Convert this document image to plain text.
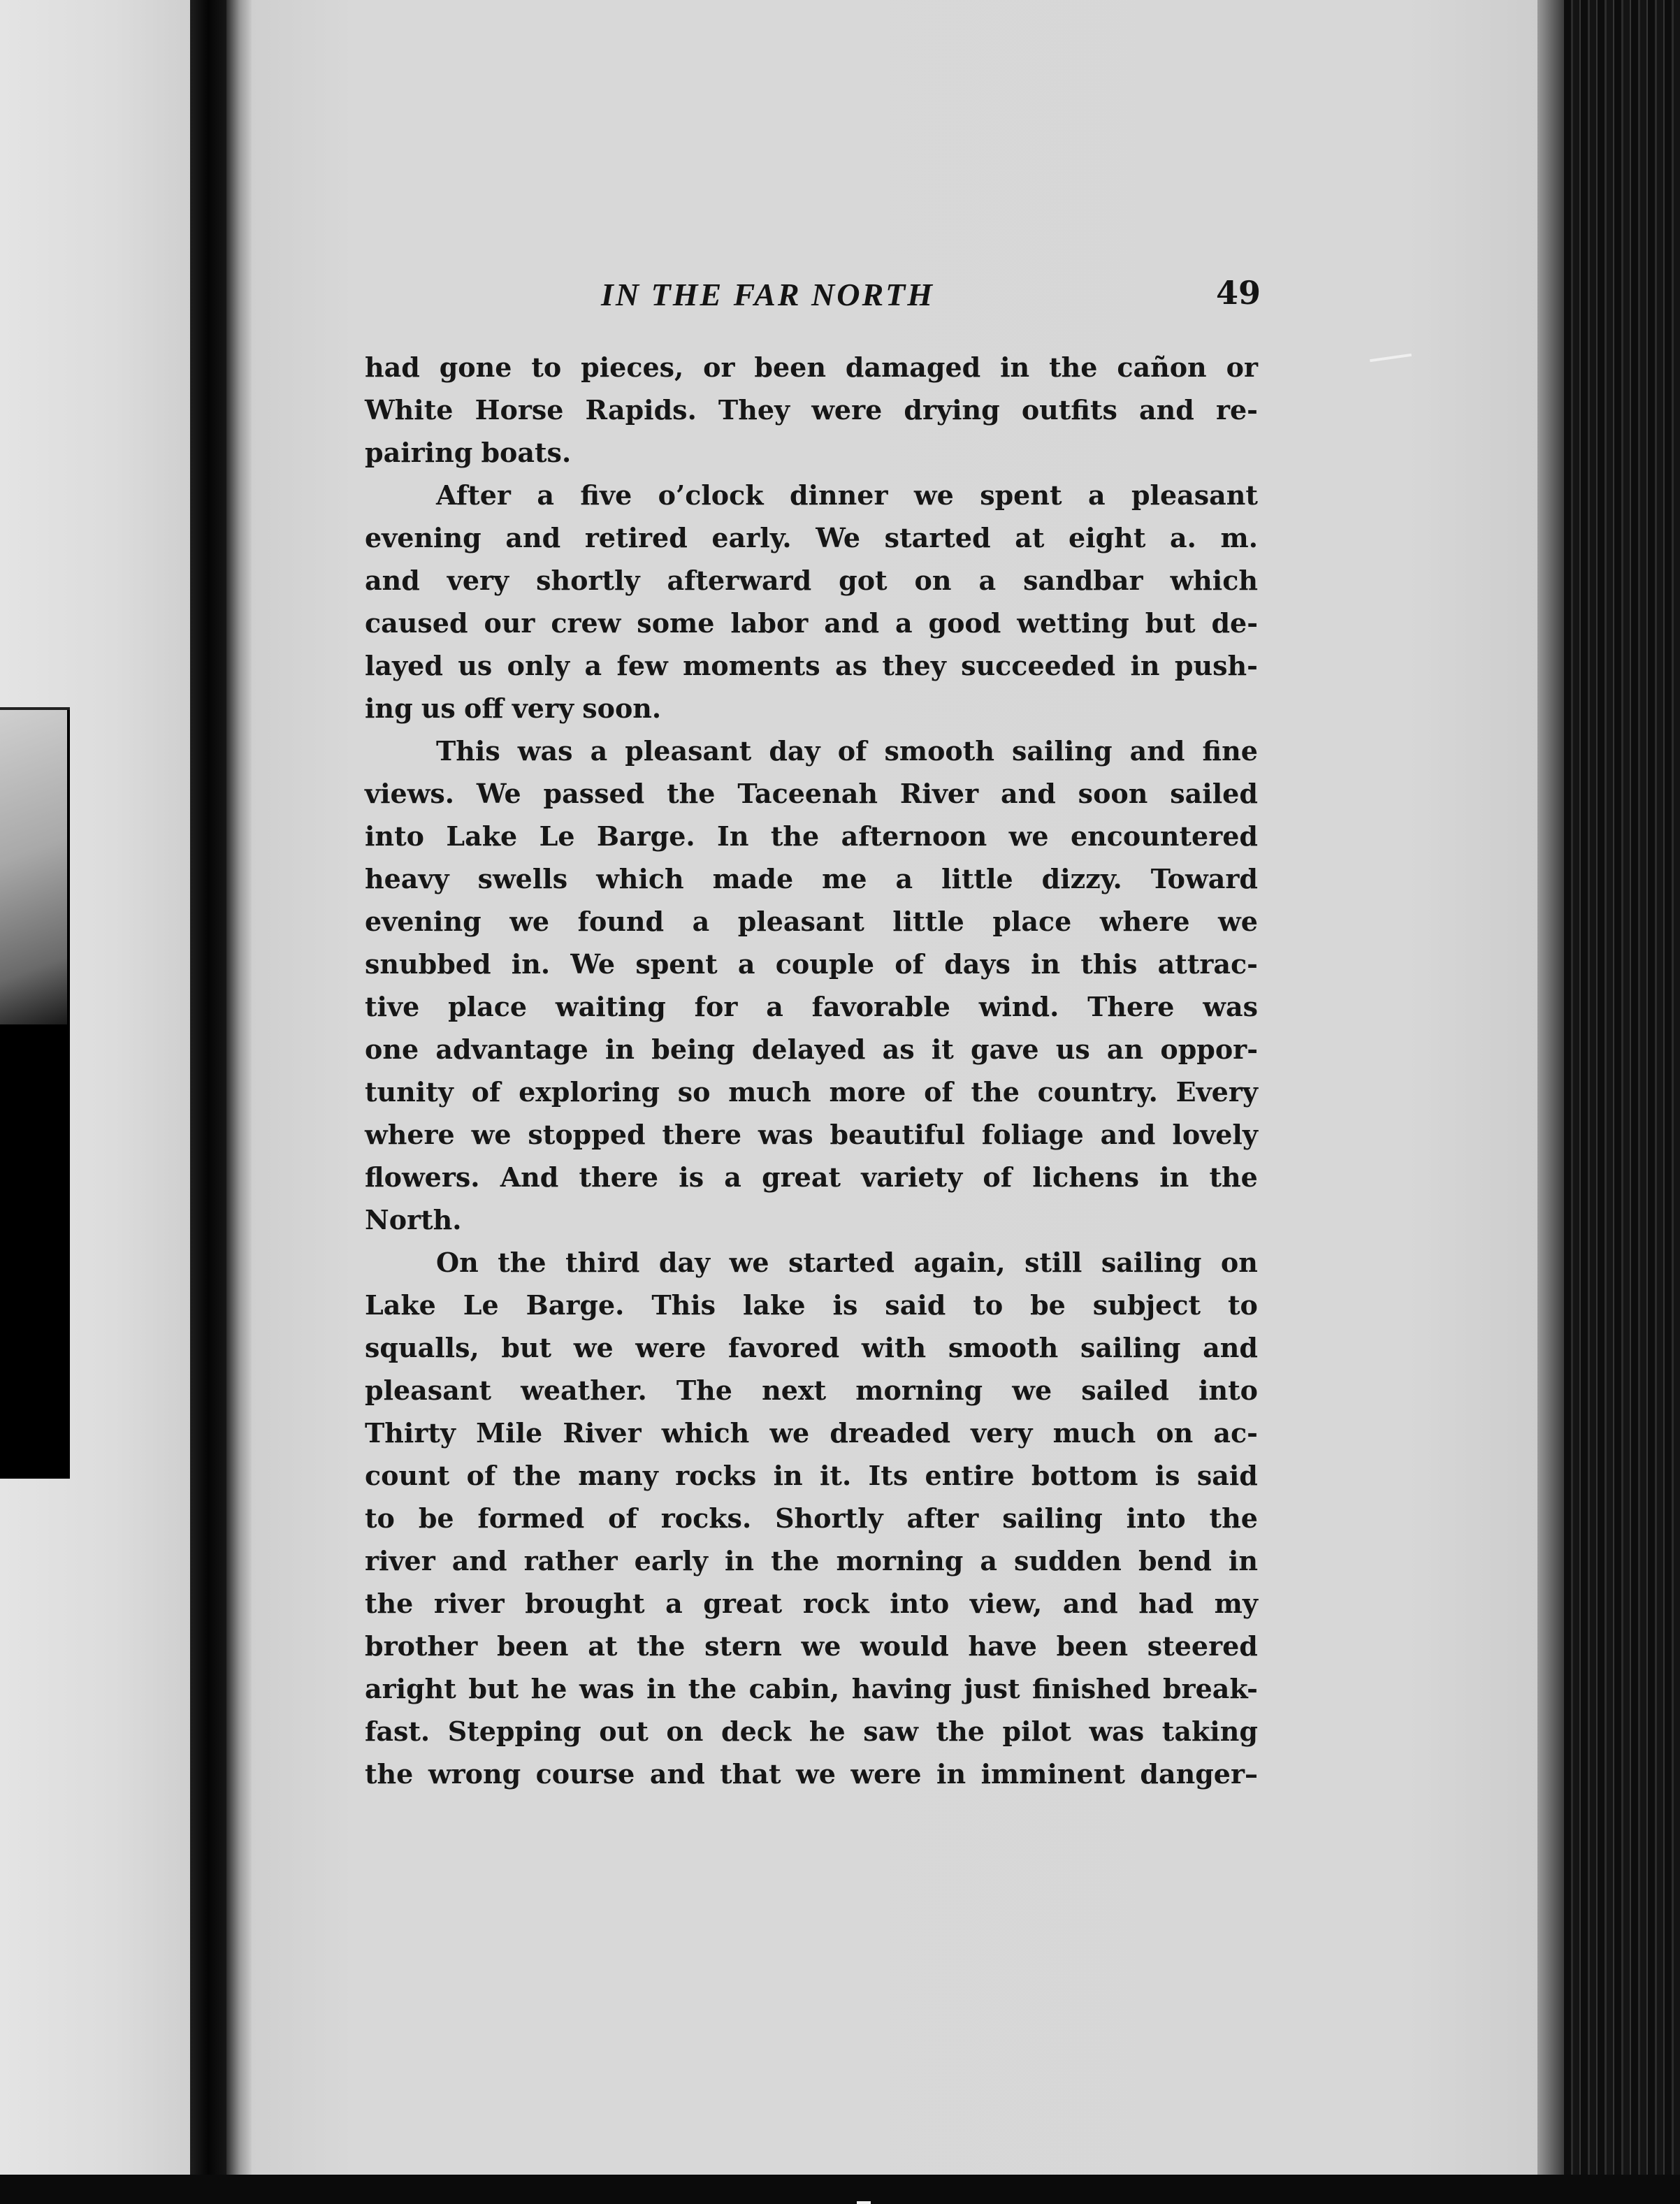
IN THE FAR NORTH	49
had gone to pieces, or been damaged in the cañon or
White Horse Rapids. They were drying outfits and re-
pairing boats.
After a five o’clock dinner we spent a pleasant
evening and retired early. We started at eight a. m.
and very shortly afterward got on a sandbar which
caused our crew some labor and a good wetting but de-
layed us only a few moments as they succeeded in push-
ing us off very soon.
This was a pleasant day of smooth sailing and fine
views. We passed the Taceenah River and soon sailed
into Lake Le Barge. In the afternoon we encountered
heavy swells which made me a little dizzy. Toward
evening we found a pleasant little place where we
snubbed in. We spent a couple of days in this attrac-
tive place waiting for a favorable wind. There was
one advantage in being delayed as it gave us an oppor-
tunity of exploring so much more of the country. Every
where we stopped there was beautiful foliage and lovely
flowers. And there is a great variety of lichens in the
North.
On the third day we started again, still sailing on
Lake Le Barge. This lake is said to be subject to
squalls, but we were favored with smooth sailing and
pleasant weather. The next morning we sailed into
Thirty Mile River which we dreaded very much on ac-
count of the many rocks in it. Its entire bottom is said
to be formed of rocks. Shortly after sailing into the
river and rather early in the morning a sudden bend in
the river brought a great rock into view, and had my
brother been at the stern we would have been steered
aright but he was in the cabin, having just finished break-
fast. Stepping out on deck he saw the pilot was taking
the wrong course and that we were in imminent danger–
